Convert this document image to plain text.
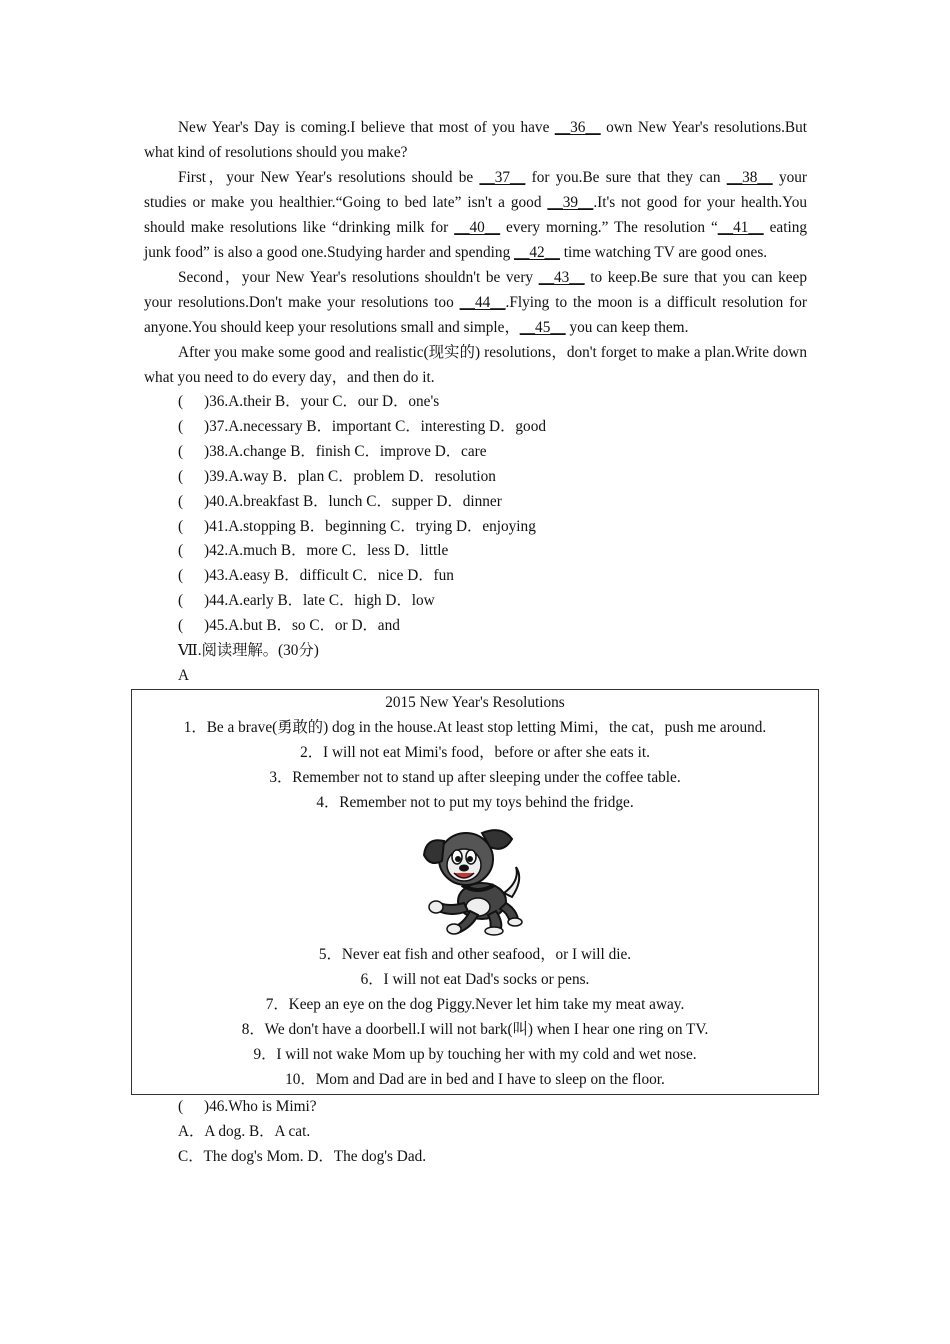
New Year's Day is coming.I believe that most of you have __36__ own New Year's resolutions.But what kind of resolutions should you make?

First，your New Year's resolutions should be __37__ for you.Be sure that they can __38__ your studies or make you healthier.“Going to bed late” isn't a good __39__.It's not good for your health.You should make resolutions like “drinking milk for __40__ every morning.” The resolution “__41__ eating junk food” is also a good one.Studying harder and spending __42__ time watching TV are good ones.

Second，your New Year's resolutions shouldn't be very __43__ to keep.Be sure that you can keep your resolutions.Don't make your resolutions too __44__.Flying to the moon is a difficult resolution for anyone.You should keep your resolutions small and simple，__45__ you can keep them.

After you make some good and realistic(现实的) resolutions，don't forget to make a plan.Write down what you need to do every day，and then do it.

( )36.A.their B．your C．our D．one's

( )37.A.necessary B．important C．interesting D．good

( )38.A.change B．finish C．improve D．care

( )39.A.way B．plan C．problem D．resolution

( )40.A.breakfast B．lunch C．supper D．dinner

( )41.A.stopping B．beginning C．trying D．enjoying

( )42.A.much B．more C．less D．little

( )43.A.easy B．difficult C．nice D．fun

( )44.A.early B．late C．high D．low

( )45.A.but B．so C．or D．and

Ⅶ.阅读理解。(30分)

A

2015 New Year's Resolutions

1．Be a brave(勇敢的) dog in the house.At least stop letting Mimi，the cat，push me around.

2．I will not eat Mimi's food，before or after she eats it.

3．Remember not to stand up after sleeping under the coffee table.

4．Remember not to put my toys behind the fridge.

5．Never eat fish and other seafood，or I will die.

6．I will not eat Dad's socks or pens.

7．Keep an eye on the dog Piggy.Never let him take my meat away.

8．We don't have a doorbell.I will not bark(叫) when I hear one ring on TV.

9．I will not wake Mom up by touching her with my cold and wet nose.

10．Mom and Dad are in bed and I have to sleep on the floor.

( )46.Who is Mimi?

A．A dog. B．A cat.

C．The dog's Mom. D．The dog's Dad.
